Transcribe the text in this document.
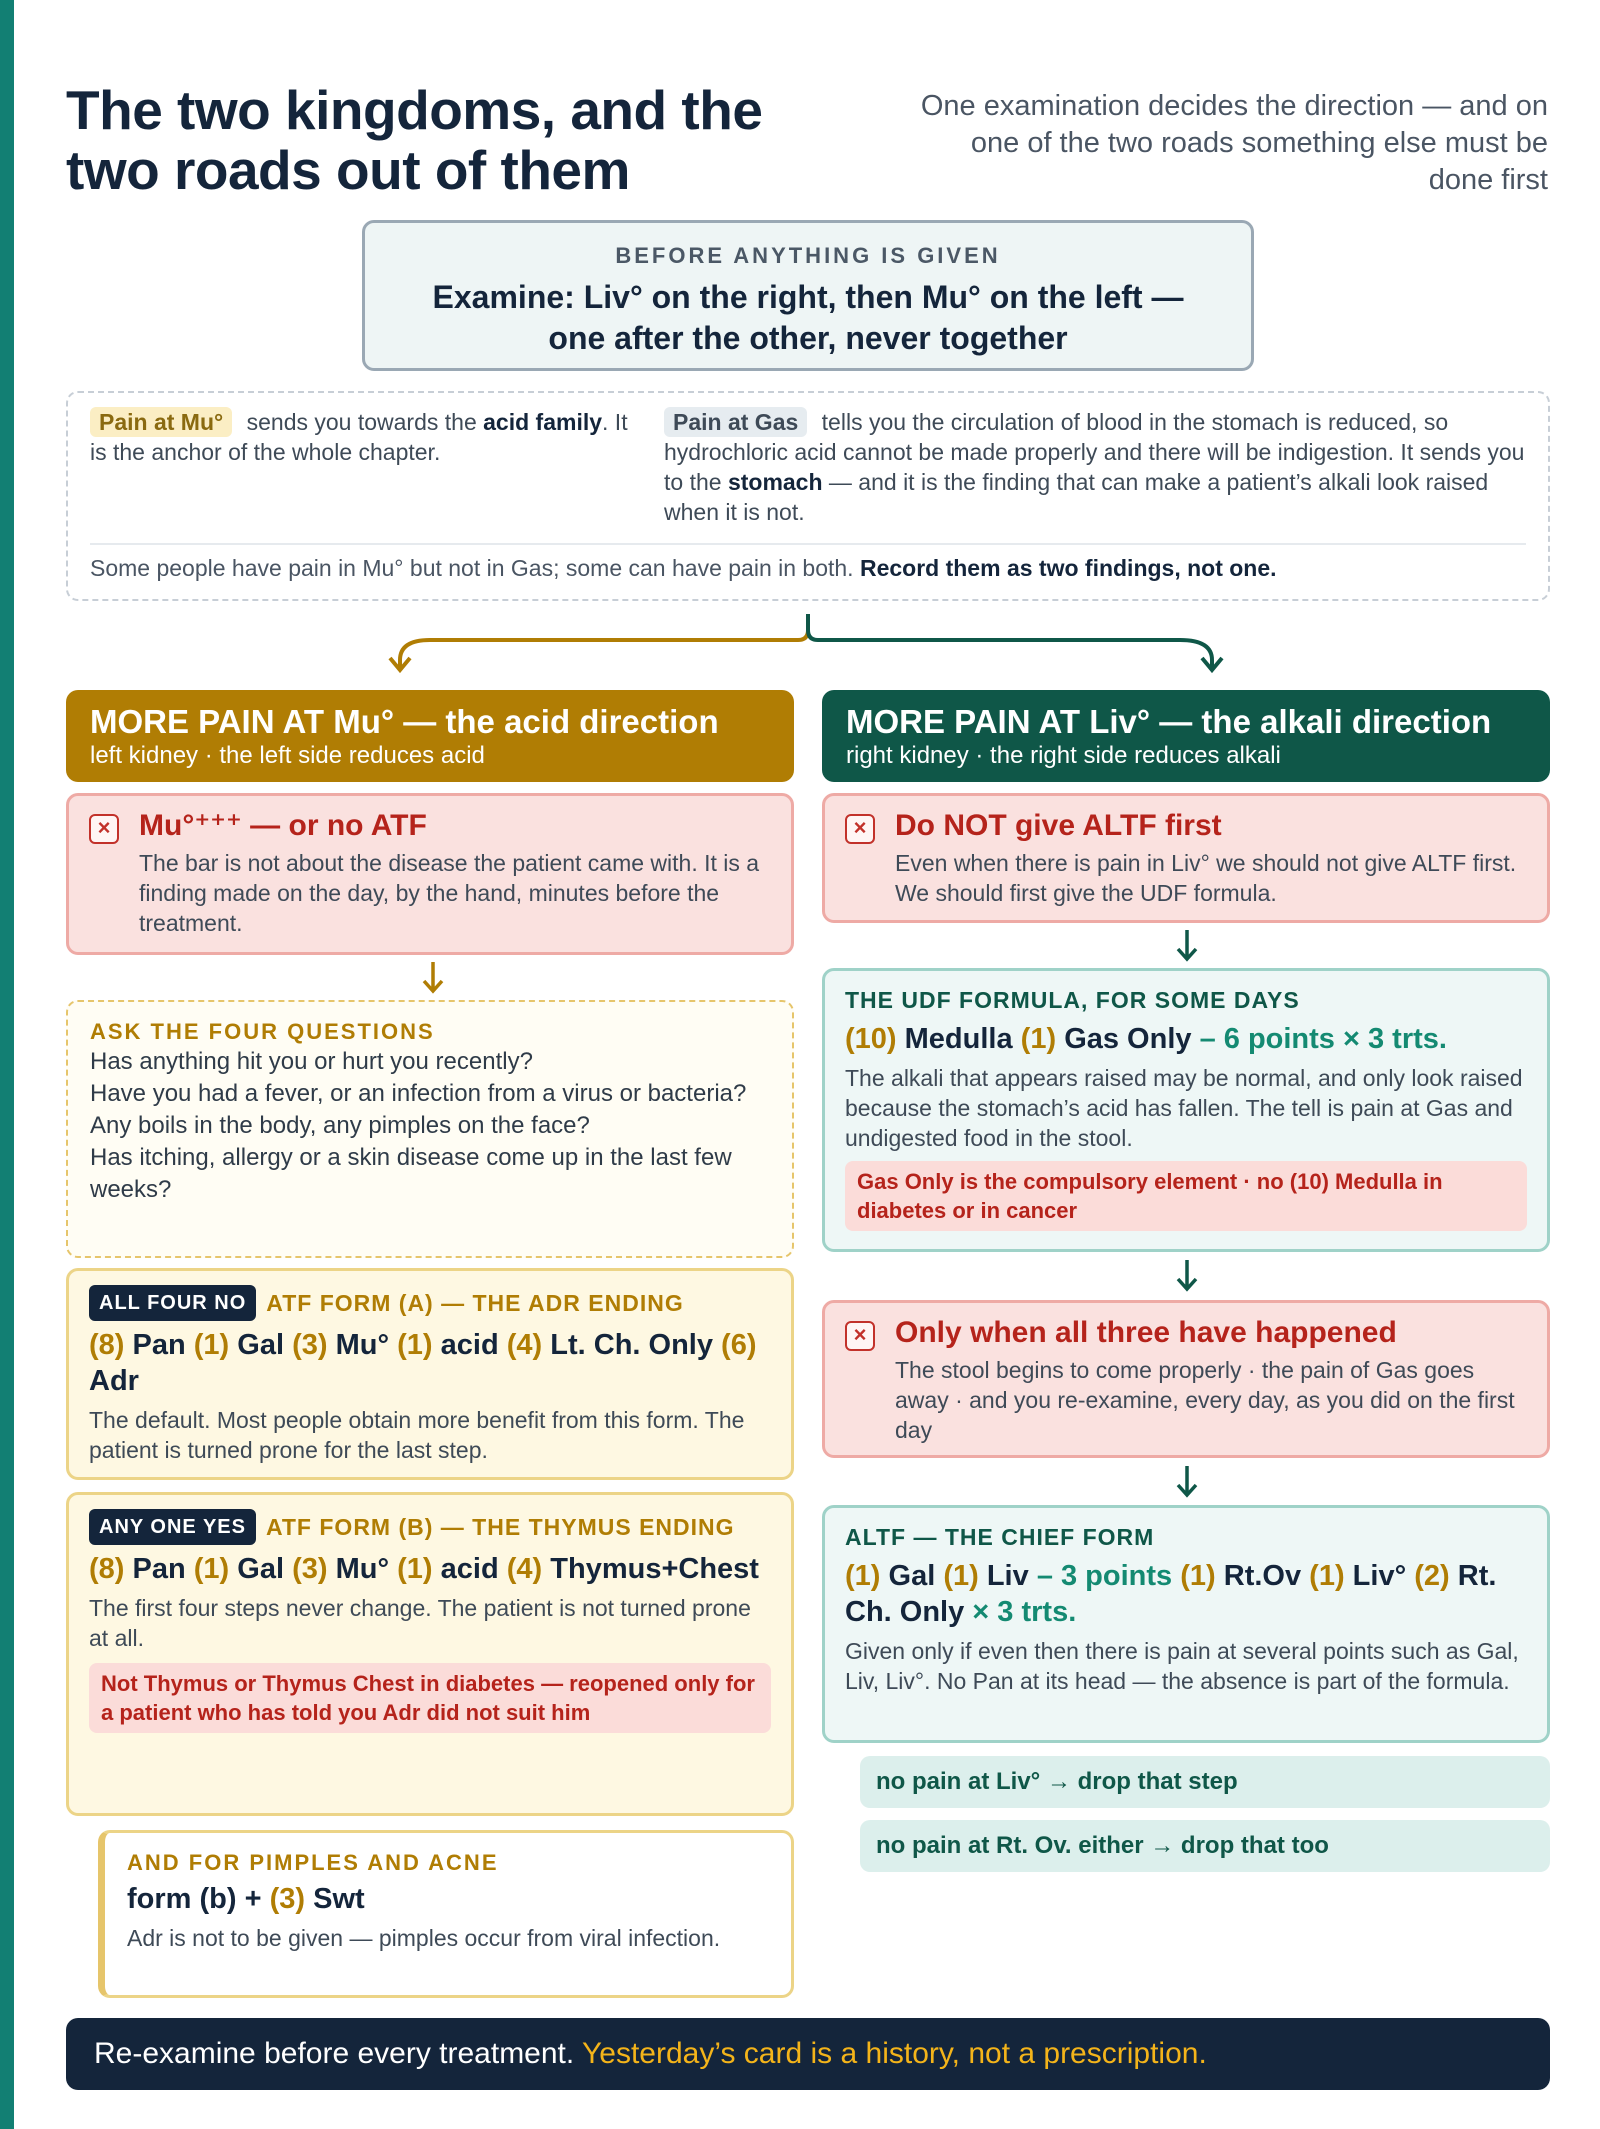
The two kingdoms, and the two roads out of them
One examination decides the direction — and on one of the two roads something else must be done first
BEFORE ANYTHING IS GIVEN
Examine: Liv° on the right, then Mu° on the left —
one after the other, never together
Pain at Mu° sends you towards the acid family. It is the anchor of the whole chapter.
Pain at Gas tells you the circulation of blood in the stomach is reduced, so hydrochloric acid cannot be made properly and there will be indigestion. It sends you to the stomach — and it is the finding that can make a patient’s alkali look raised when it is not.
Some people have pain in Mu° but not in Gas; some can have pain in both. Record them as two findings, not one.
MORE PAIN AT Mu° — the acid direction
left kidney · the left side reduces acid
× Mu°⁺⁺⁺ — or no ATF
The bar is not about the disease the patient came with. It is a finding made on the day, by the hand, minutes before the treatment.
ASK THE FOUR QUESTIONS
Has anything hit you or hurt you recently?
Have you had a fever, or an infection from a virus or bacteria?
Any boils in the body, any pimples on the face?
Has itching, allergy or a skin disease come up in the last few weeks?
ALL FOUR NO ATF FORM (A) — THE ADR ENDING
(8) Pan (1) Gal (3) Mu° (1) acid (4) Lt. Ch. Only (6) Adr
The default. Most people obtain more benefit from this form. The patient is turned prone for the last step.
ANY ONE YES ATF FORM (B) — THE THYMUS ENDING
(8) Pan (1) Gal (3) Mu° (1) acid (4) Thymus+Chest
The first four steps never change. The patient is not turned prone at all.
Not Thymus or Thymus Chest in diabetes — reopened only for a patient who has told you Adr did not suit him
AND FOR PIMPLES AND ACNE
form (b) + (3) Swt
Adr is not to be given — pimples occur from viral infection.
MORE PAIN AT Liv° — the alkali direction
right kidney · the right side reduces alkali
× Do NOT give ALTF first
Even when there is pain in Liv° we should not give ALTF first. We should first give the UDF formula.
THE UDF FORMULA, FOR SOME DAYS
(10) Medulla (1) Gas Only – 6 points × 3 trts.
The alkali that appears raised may be normal, and only look raised because the stomach’s acid has fallen. The tell is pain at Gas and undigested food in the stool.
Gas Only is the compulsory element · no (10) Medulla in diabetes or in cancer
× Only when all three have happened
The stool begins to come properly · the pain of Gas goes away · and you re-examine, every day, as you did on the first day
ALTF — THE CHIEF FORM
(1) Gal (1) Liv – 3 points (1) Rt.Ov (1) Liv° (2) Rt. Ch. Only × 3 trts.
Given only if even then there is pain at several points such as Gal, Liv, Liv°. No Pan at its head — the absence is part of the formula.
no pain at Liv° → drop that step
no pain at Rt. Ov. either → drop that too
Re-examine before every treatment. Yesterday’s card is a history, not a prescription.
